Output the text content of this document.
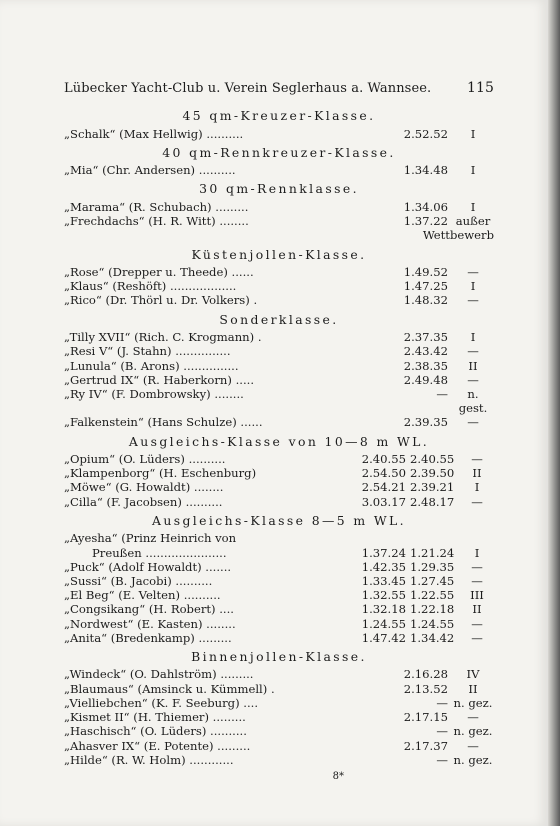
Lübecker Yacht-Club u. Verein Seglerhaus a. Wannsee.	115
45 qm-Kreuzer-Klasse.
„Schalk“ (Max Hellwig) ..........	2.52.52	I
40 qm-Rennkreuzer-Klasse.
„Mia“ (Chr. Andersen) ..........	1.34.48	I
30 qm-Rennklasse.
„Marama“ (R. Schubach) .........	1.34.06	I
„Frechdachs“ (H. R. Witt) ........	1.37.22 außer
Wettbewerb
Küstenjollen-Klasse.
„Rose“ (Drepper u. Theede) ......	1.49.52	—
„Klaus“ (Reshöft) ..................	1.47.25	I
„Rico“ (Dr. Thörl u. Dr. Volkers) .	1.48.32	—
Sonderklasse.
„Tilly XVII“ (Rich. C. Krogmann) .	2.37.35	I
„Resi V“ (J. Stahn) ...............	2.43.42	—
„Lunula“ (B. Arons) ...............	2.38.35	II
„Gertrud IX“ (R. Haberkorn) .....	2.49.48	—
„Ry IV“ (F. Dombrowsky) ........	—	n. gest.
„Falkenstein“ (Hans Schulze) ......	2.39.35	—
Ausgleichs-Klasse von 10—8 m WL.
„Opium“ (O. Lüders) ..........	2.40.55 2.40.55	—
„Klampenborg“ (H. Eschenburg)	2.54.50 2.39.50	II
„Möwe“ (G. Howaldt) ........	2.54.21 2.39.21	I
„Cilla“ (F. Jacobsen) ..........	3.03.17 2.48.17	—
Ausgleichs-Klasse 8—5 m WL.
„Ayesha“ (Prinz Heinrich von
Preußen ......................	1.37.24 1.21.24	I
„Puck“ (Adolf Howaldt) .......	1.42.35 1.29.35	—
„Sussi“ (B. Jacobi) ..........	1.33.45 1.27.45	—
„El Beg“ (E. Velten) ..........	1.32.55 1.22.55	III
„Congsikang“ (H. Robert) ....	1.32.18 1.22.18	II
„Nordwest“ (E. Kasten) ........	1.24.55 1.24.55	—
„Anita“ (Bredenkamp) .........	1.47.42 1.34.42	—
Binnenjollen-Klasse.
„Windeck“ (O. Dahlström) .........	2.16.28	IV
„Blaumaus“ (Amsinck u. Kümmell) .	2.13.52	II
„Vielliebchen“ (K. F. Seeburg) ....	— n. gez.
„Kismet II“ (H. Thiemer) .........	2.17.15	—
„Haschisch“ (O. Lüders) ..........	— n. gez.
„Ahasver IX“ (E. Potente) .........	2.17.37	—
„Hilde“ (R. W. Holm) ............	— n. gez.
8*
